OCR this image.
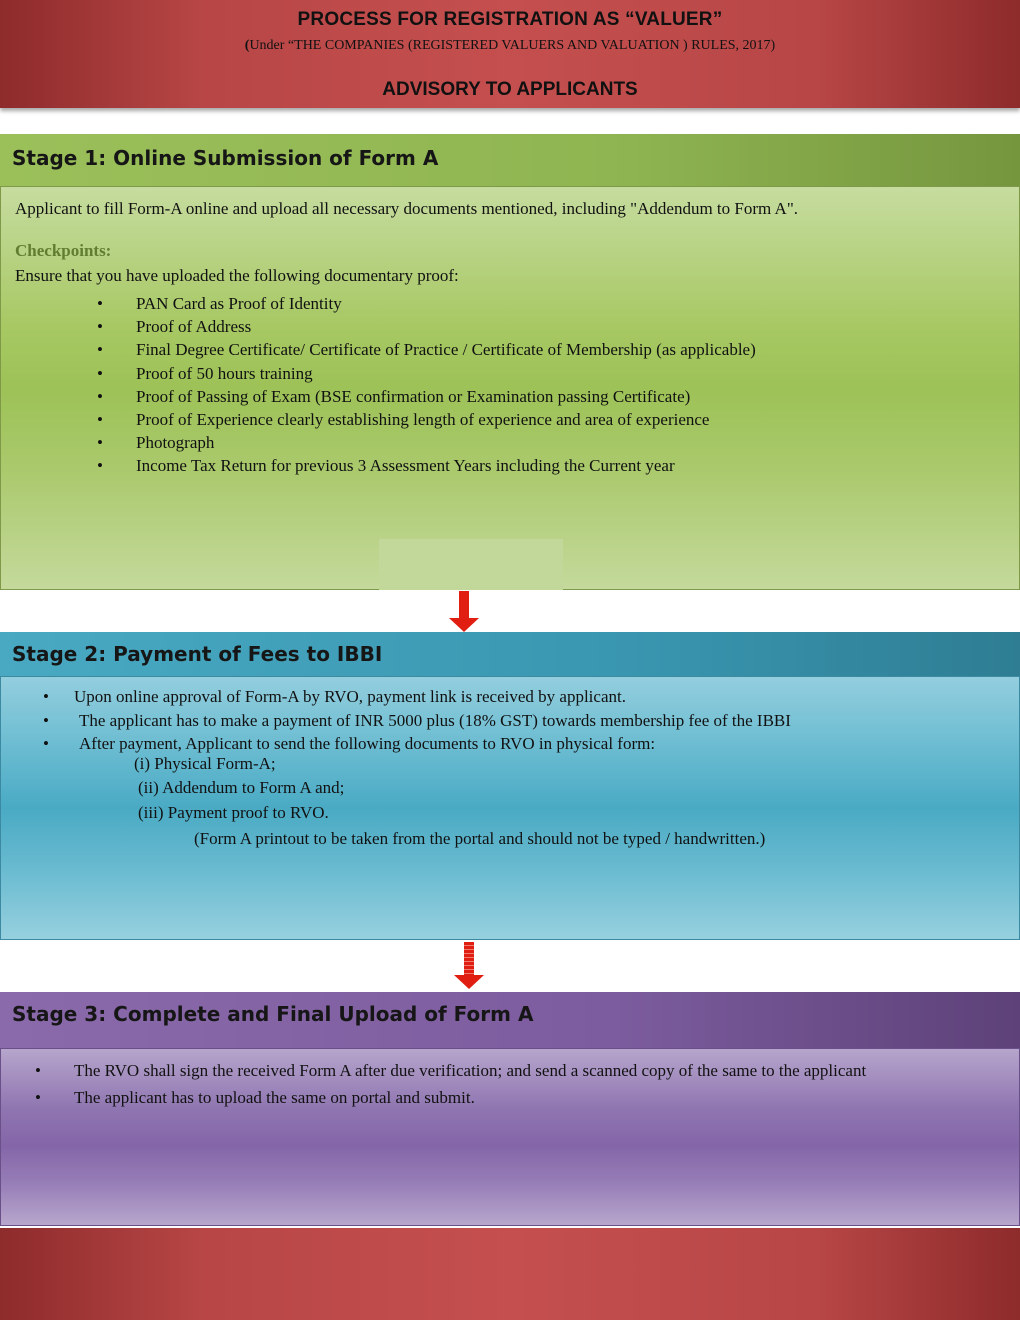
PROCESS FOR REGISTRATION AS “VALUER”
(Under “THE COMPANIES (REGISTERED VALUERS AND VALUATION ) RULES, 2017)
ADVISORY TO APPLICANTS
Stage 1: Online Submission of Form A
Applicant to fill Form-A online and upload all necessary documents mentioned, including "Addendum to Form A".
Checkpoints:
Ensure that you have uploaded the following documentary proof:
• PAN Card as Proof of Identity
• Proof of Address
• Final Degree Certificate/ Certificate of Practice / Certificate of Membership (as applicable)
• Proof of 50 hours training
• Proof of Passing of Exam (BSE confirmation or Examination passing Certificate)
• Proof of Experience clearly establishing length of experience and area of experience
• Photograph
• Income Tax Return for previous 3 Assessment Years including the Current year
Stage 2: Payment of Fees to IBBI
• Upon online approval of Form-A by RVO, payment link is received by applicant.
• The applicant has to make a payment of INR 5000 plus (18% GST) towards membership fee of the IBBI
• After payment, Applicant to send the following documents to RVO in physical form:
(i) Physical Form-A;
(ii) Addendum to Form A and;
(iii) Payment proof to RVO.
(Form A printout to be taken from the portal and should not be typed / handwritten.)
Stage 3: Complete and Final Upload of Form A
• The RVO shall sign the received Form A after due verification; and send a scanned copy of the same to the applicant
• The applicant has to upload the same on portal and submit.
